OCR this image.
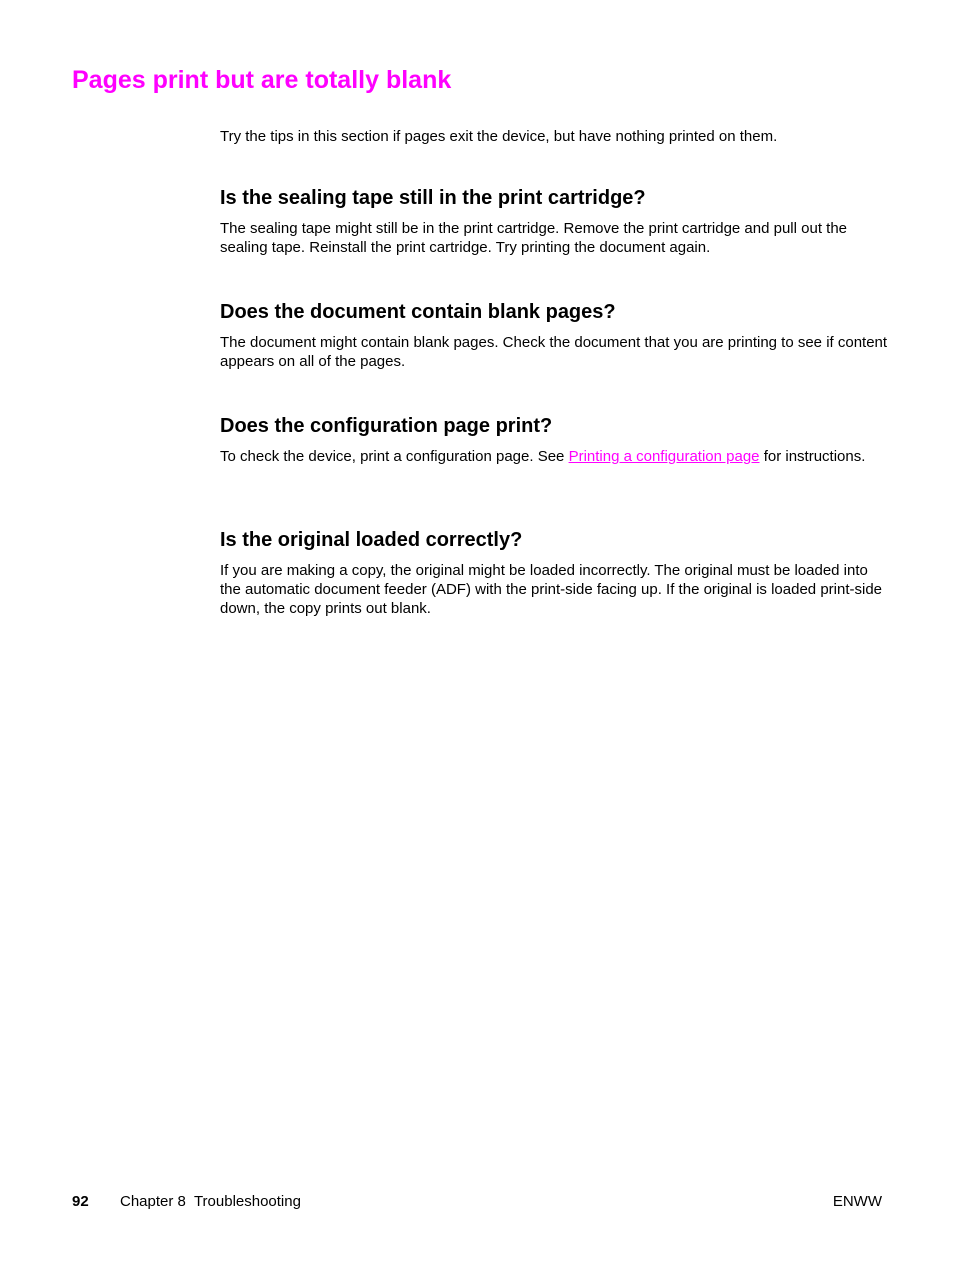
Pages print but are totally blank

Try the tips in this section if pages exit the device, but have nothing printed on them.

Is the sealing tape still in the print cartridge?

The sealing tape might still be in the print cartridge. Remove the print cartridge and pull out the sealing tape. Reinstall the print cartridge. Try printing the document again.

Does the document contain blank pages?

The document might contain blank pages. Check the document that you are printing to see if content appears on all of the pages.

Does the configuration page print?

To check the device, print a configuration page. See Printing a configuration page for instructions.

Is the original loaded correctly?

If you are making a copy, the original might be loaded incorrectly. The original must be loaded into the automatic document feeder (ADF) with the print-side facing up. If the original is loaded print-side down, the copy prints out blank.

92 Chapter 8  Troubleshooting	ENWW
